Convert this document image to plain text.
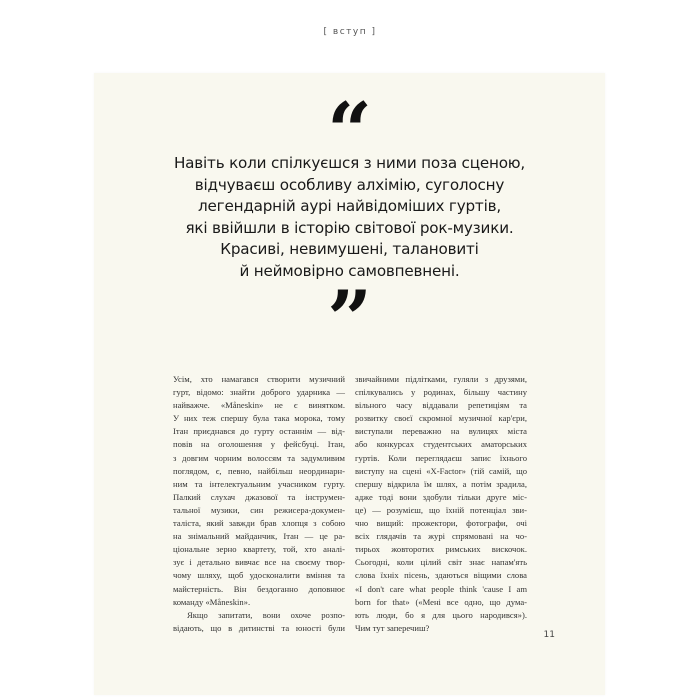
[ вступ ]
“
Навіть коли спілкуєшся з ними поза сценою,
відчуваєш особливу алхімію, суголосну
легендарній аурі найвідоміших гуртів,
які ввійшли в історію світової рок-музики.
Красиві, невимушені, талановиті
й неймовірно самовпевнені.
”
Усім, хто намагався створити музичний
гурт, відомо: знайти доброго ударника —
найважче. «Måneskin» не є винятком.
У них теж спершу була така морока, тому
Ітан приєднався до гурту останнім — від-
повів на оголошення у фейсбуці. Ітан,
з довгим чорним волоссям та задумливим
поглядом, є, певно, найбільш неординарн-
ним та інтелектуальним учасником гурту.
Палкий слухач джазової та інструмен-
тальної музики, син режисера-докумен-
таліста, який завжди брав хлопця з собою
на знімальний майданчик, Ітан — це ра-
ціональне зерно квартету, той, хто аналі-
зує і детально вивчає все на своєму твор-
чому шляху, щоб удосконалити вміння та
майстерність. Він бездоганно доповнює
команду «Måneskin».
Якщо запитати, вони охоче розпо-
відають, що в дитинстві та юності були
звичайними підлітками, гуляли з друзями,
спілкувались у родинах, більшу частину
вільного часу віддавали репетиціям та
розвитку своєї скромної музичної кар'єри,
виступали переважно на вулицях міста
або конкурсах студентських аматорських
гуртів. Коли переглядаєш запис їхнього
виступу на сцені «X-Factor» (тій самій, що
спершу відкрила їм шлях, а потім зрадила,
адже тоді вони здобули тільки друге міс-
це) — розумієш, що їхній потенціал зви-
чно вищий: прожектори, фотографи, очі
всіх глядачів та журі спрямовані на чо-
тирьох жовторотих римських вискочок.
Сьогодні, коли цілий світ знає напам'ять
слова їхніх пісень, здаються віщими слова
«I don't care what people think 'cause I am
born for that» («Мені все одно, що дума-
ють люди, бо я для цього народився»).
Чим тут заперечиш?
11
